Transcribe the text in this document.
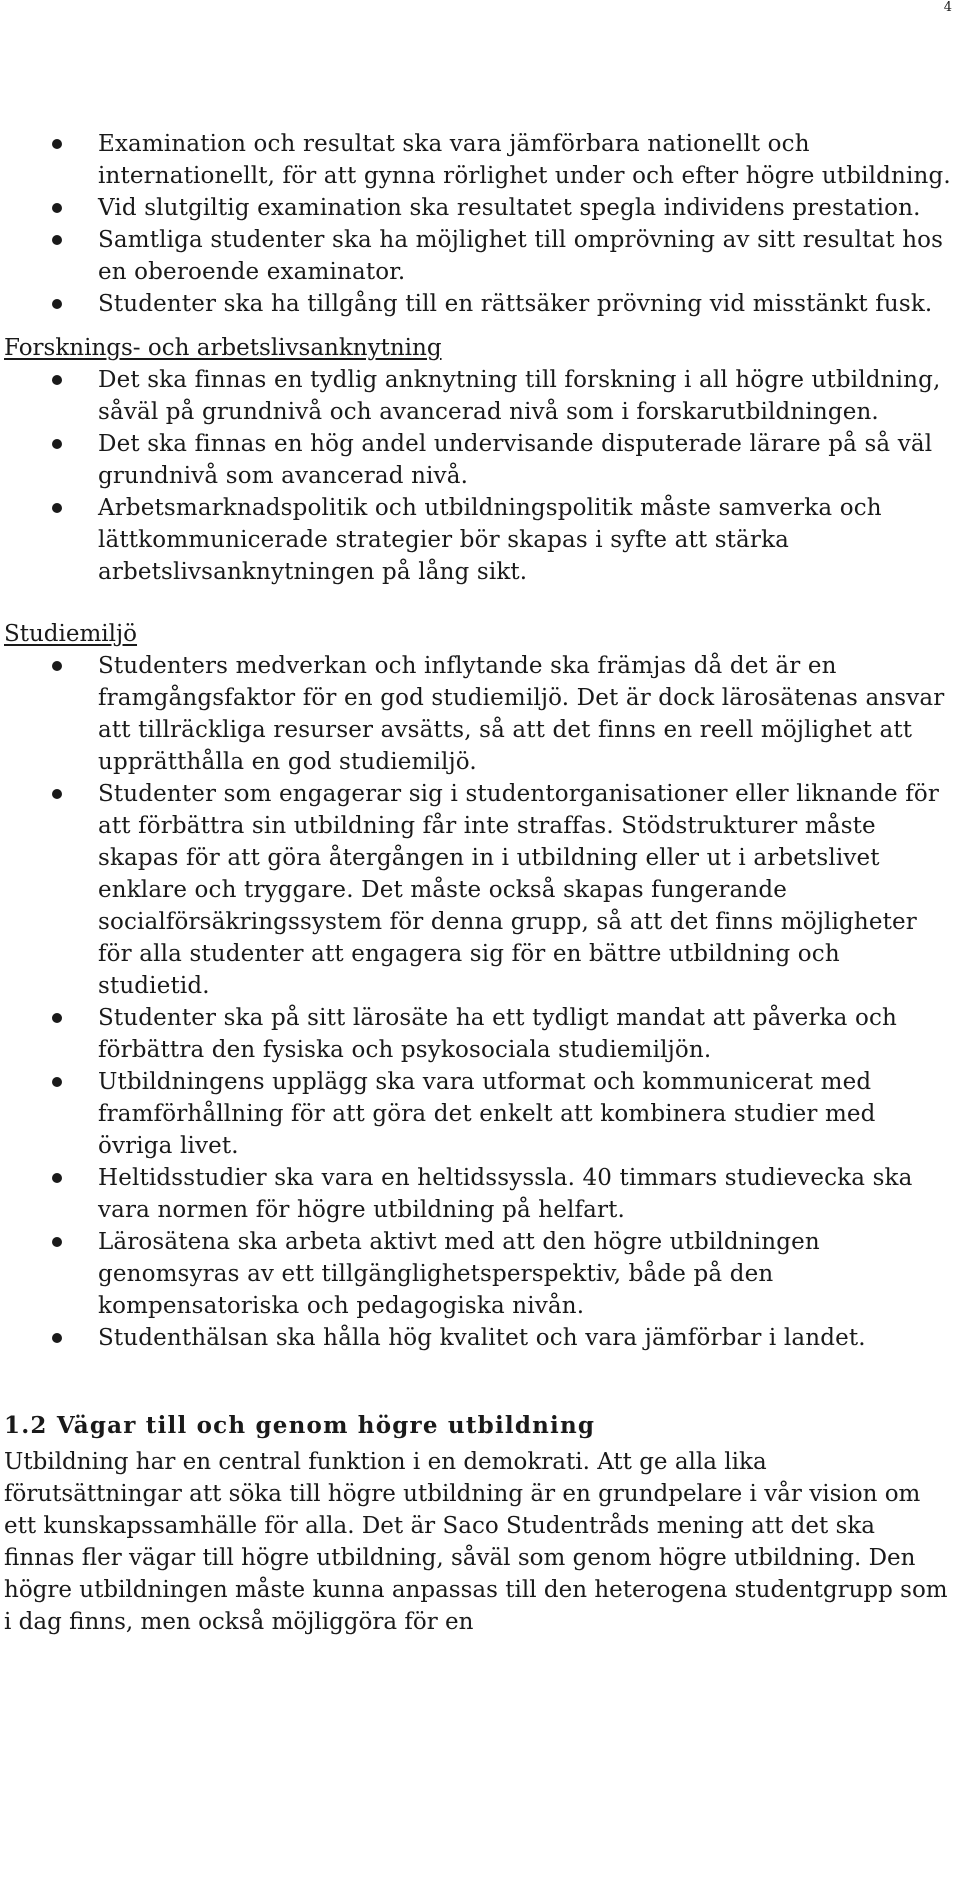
4
Examination och resultat ska vara jämförbara nationellt och internationellt, för att gynna rörlighet under och efter högre utbildning.
Vid slutgiltig examination ska resultatet spegla individens prestation.
Samtliga studenter ska ha möjlighet till omprövning av sitt resultat hos en oberoende examinator.
Studenter ska ha tillgång till en rättsäker prövning vid misstänkt fusk.
Forsknings- och arbetslivsanknytning
Det ska finnas en tydlig anknytning till forskning i all högre utbildning, såväl på grundnivå och avancerad nivå som i forskarutbildningen.
Det ska finnas en hög andel undervisande disputerade lärare på så väl grundnivå som avancerad nivå.
Arbetsmarknadspolitik och utbildningspolitik måste samverka och lättkommunicerade strategier bör skapas i syfte att stärka arbetslivsanknytningen på lång sikt.
Studiemiljö
Studenters medverkan och inflytande ska främjas då det är en framgångsfaktor för en god studiemiljö. Det är dock lärosätenas ansvar att tillräckliga resurser avsätts, så att det finns en reell möjlighet att upprätthålla en god studiemiljö.
Studenter som engagerar sig i studentorganisationer eller liknande för att förbättra sin utbildning får inte straffas. Stödstrukturer måste skapas för att göra återgången in i utbildning eller ut i arbetslivet enklare och tryggare. Det måste också skapas fungerande socialförsäkringssystem för denna grupp, så att det finns möjligheter för alla studenter att engagera sig för en bättre utbildning och studietid.
Studenter ska på sitt lärosäte ha ett tydligt mandat att påverka och förbättra den fysiska och psykosociala studiemiljön.
Utbildningens upplägg ska vara utformat och kommunicerat med framförhållning för att göra det enkelt att kombinera studier med övriga livet.
Heltidsstudier ska vara en heltidssyssla. 40 timmars studievecka ska vara normen för högre utbildning på helfart.
Lärosätena ska arbeta aktivt med att den högre utbildningen genomsyras av ett tillgänglighetsperspektiv, både på den kompensatoriska och pedagogiska nivån.
Studenthälsan ska hålla hög kvalitet och vara jämförbar i landet.
1.2 Vägar till och genom högre utbildning

Utbildning har en central funktion i en demokrati. Att ge alla lika förutsättningar att söka till högre utbildning är en grundpelare i vår vision om ett kunskapssamhälle för alla. Det är Saco Studentråds mening att det ska finnas fler vägar till högre utbildning, såväl som genom högre utbildning. Den högre utbildningen måste kunna anpassas till den heterogena studentgrupp som i dag finns, men också möjliggöra för en
